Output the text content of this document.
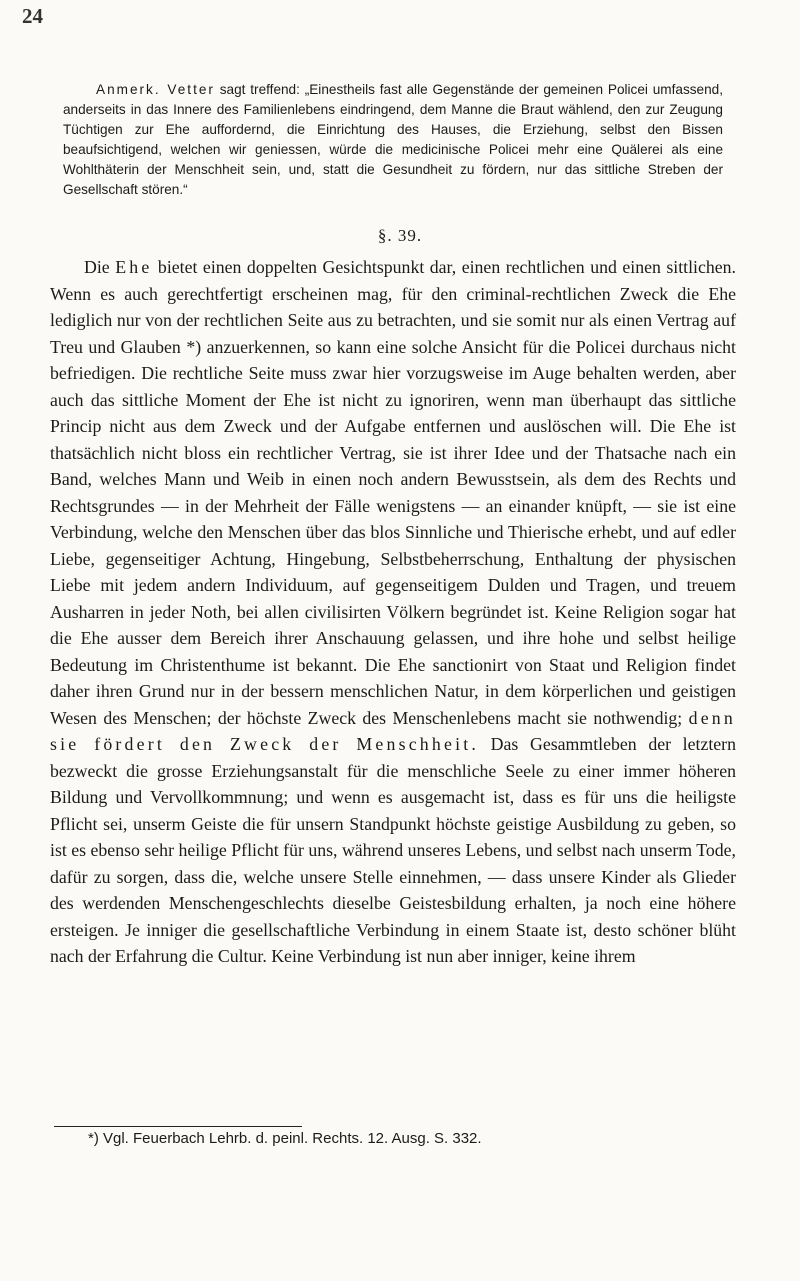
24

Anmerk. Vetter sagt treffend: „Einestheils fast alle Gegenstände der gemeinen Policei umfassend, anderseits in das Innere des Familienlebens eindringend, dem Manne die Braut wählend, den zur Zeugung Tüchtigen zur Ehe auffordernd, die Einrichtung des Hauses, die Erziehung, selbst den Bissen beaufsichtigend, welchen wir geniessen, würde die medicinische Policei mehr eine Quälerei als eine Wohlthäterin der Menschheit sein, und, statt die Gesundheit zu fördern, nur das sittliche Streben der Gesellschaft stören.“

§. 39.

Die Ehe bietet einen doppelten Gesichtspunkt dar, einen rechtlichen und einen sittlichen. Wenn es auch gerechtfertigt erscheinen mag, für den criminal-rechtlichen Zweck die Ehe lediglich nur von der rechtlichen Seite aus zu betrachten, und sie somit nur als einen Vertrag auf Treu und Glauben *) anzuerkennen, so kann eine solche Ansicht für die Policei durchaus nicht befriedigen. Die rechtliche Seite muss zwar hier vorzugsweise im Auge behalten werden, aber auch das sittliche Moment der Ehe ist nicht zu ignoriren, wenn man überhaupt das sittliche Princip nicht aus dem Zweck und der Aufgabe entfernen und auslöschen will. Die Ehe ist thatsächlich nicht bloss ein rechtlicher Vertrag, sie ist ihrer Idee und der Thatsache nach ein Band, welches Mann und Weib in einen noch andern Bewusstsein, als dem des Rechts und Rechtsgrundes — in der Mehrheit der Fälle wenigstens — an einander knüpft, — sie ist eine Verbindung, welche den Menschen über das blos Sinnliche und Thierische erhebt, und auf edler Liebe, gegenseitiger Achtung, Hingebung, Selbstbeherrschung, Enthaltung der physischen Liebe mit jedem andern Individuum, auf gegenseitigem Dulden und Tragen, und treuem Ausharren in jeder Noth, bei allen civilisirten Völkern begründet ist. Keine Religion sogar hat die Ehe ausser dem Bereich ihrer Anschauung gelassen, und ihre hohe und selbst heilige Bedeutung im Christenthume ist bekannt. Die Ehe sanctionirt von Staat und Religion findet daher ihren Grund nur in der bessern menschlichen Natur, in dem körperlichen und geistigen Wesen des Menschen; der höchste Zweck des Menschenlebens macht sie nothwendig; denn sie fördert den Zweck der Menschheit. Das Gesammtleben der letztern bezweckt die grosse Erziehungsanstalt für die menschliche Seele zu einer immer höheren Bildung und Vervollkommnung; und wenn es ausgemacht ist, dass es für uns die heiligste Pflicht sei, unserm Geiste die für unsern Standpunkt höchste geistige Ausbildung zu geben, so ist es ebenso sehr heilige Pflicht für uns, während unseres Lebens, und selbst nach unserm Tode, dafür zu sorgen, dass die, welche unsere Stelle einnehmen, — dass unsere Kinder als Glieder des werdenden Menschengeschlechts dieselbe Geistesbildung erhalten, ja noch eine höhere ersteigen. Je inniger die gesellschaftliche Verbindung in einem Staate ist, desto schöner blüht nach der Erfahrung die Cultur. Keine Verbindung ist nun aber inniger, keine ihrem

*) Vgl. Feuerbach Lehrb. d. peinl. Rechts. 12. Ausg. S. 332.
